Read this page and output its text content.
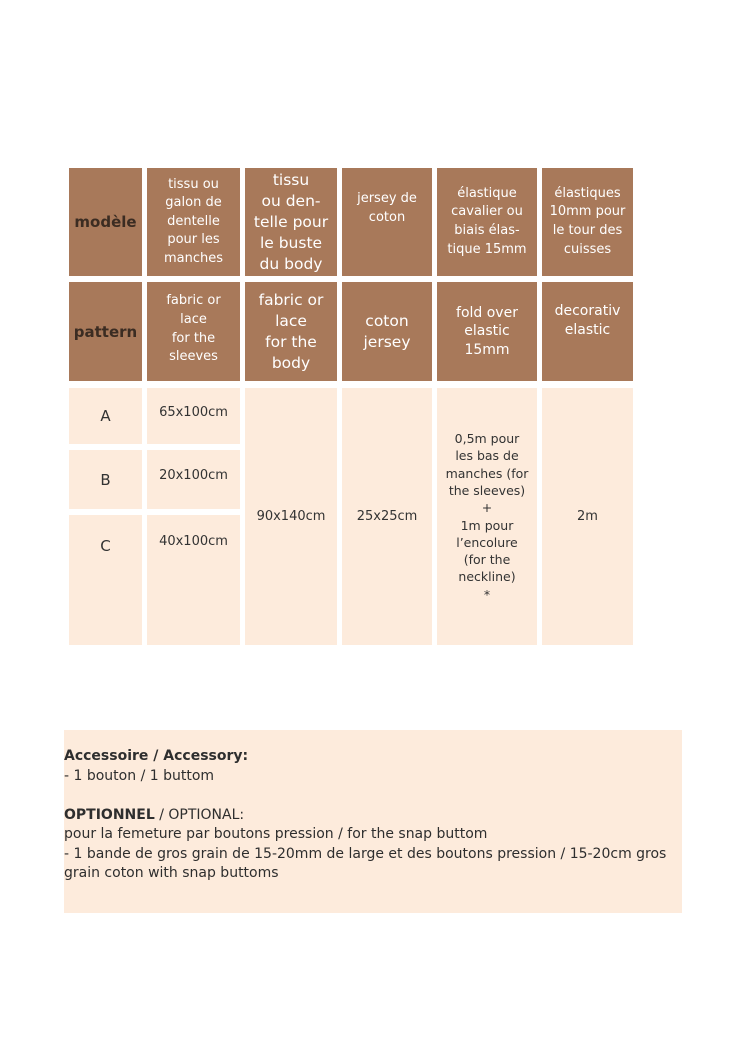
modèle
tissu ou
galon de
dentelle
pour les
manches
tissu
ou den-
telle pour
le buste
du body
jersey de
coton
élastique
cavalier ou
biais élas-
tique 15mm
élastiques
10mm pour
le tour des
cuisses
pattern
fabric or
lace
for the
sleeves
fabric or
lace
for the
body
coton
jersey
fold over
elastic
15mm
decorativ
elastic
A
B
C
65x100cm
20x100cm
40x100cm
90x140cm 25x25cm
0,5m pour
les bas de
manches (for
the sleeves)
+
1m pour
l’encolure
(for the
neckline)
*
2m
Accessoire / Accessory:
- 1 bouton / 1 buttom
OPTIONNEL / OPTIONAL:
pour la femeture par boutons pression / for the snap buttom
- 1 bande de gros grain de 15-20mm de large et des boutons pression / 15-20cm gros grain coton with snap buttoms
